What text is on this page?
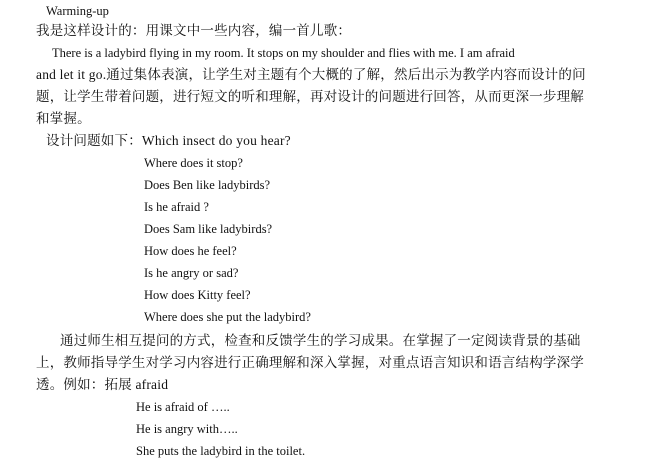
Warming-up
我是这样设计的：用课文中一些内容，编一首儿歌：
There is a ladybird flying in my room. It stops on my shoulder and flies with me. I am afraid
and let it go.通过集体表演，让学生对主题有个大概的了解，然后出示为教学内容而设计的问
题，让学生带着问题，进行短文的听和理解，再对设计的问题进行回答，从而更深一步理解
和掌握。
设计问题如下：Which insect do you hear?
Where does it stop?
Does Ben like ladybirds?
Is he afraid ?
Does Sam like ladybirds?
How does he feel?
Is he angry or sad?
How does Kitty feel?
Where does she put the ladybird?
通过师生相互提问的方式，检查和反馈学生的学习成果。在掌握了一定阅读背景的基础
上，教师指导学生对学习内容进行正确理解和深入掌握，对重点语言知识和语言结构学深学
透。例如：拓展 afraid
He is afraid of …..
He is angry with…..
She puts the ladybird in the toilet.
